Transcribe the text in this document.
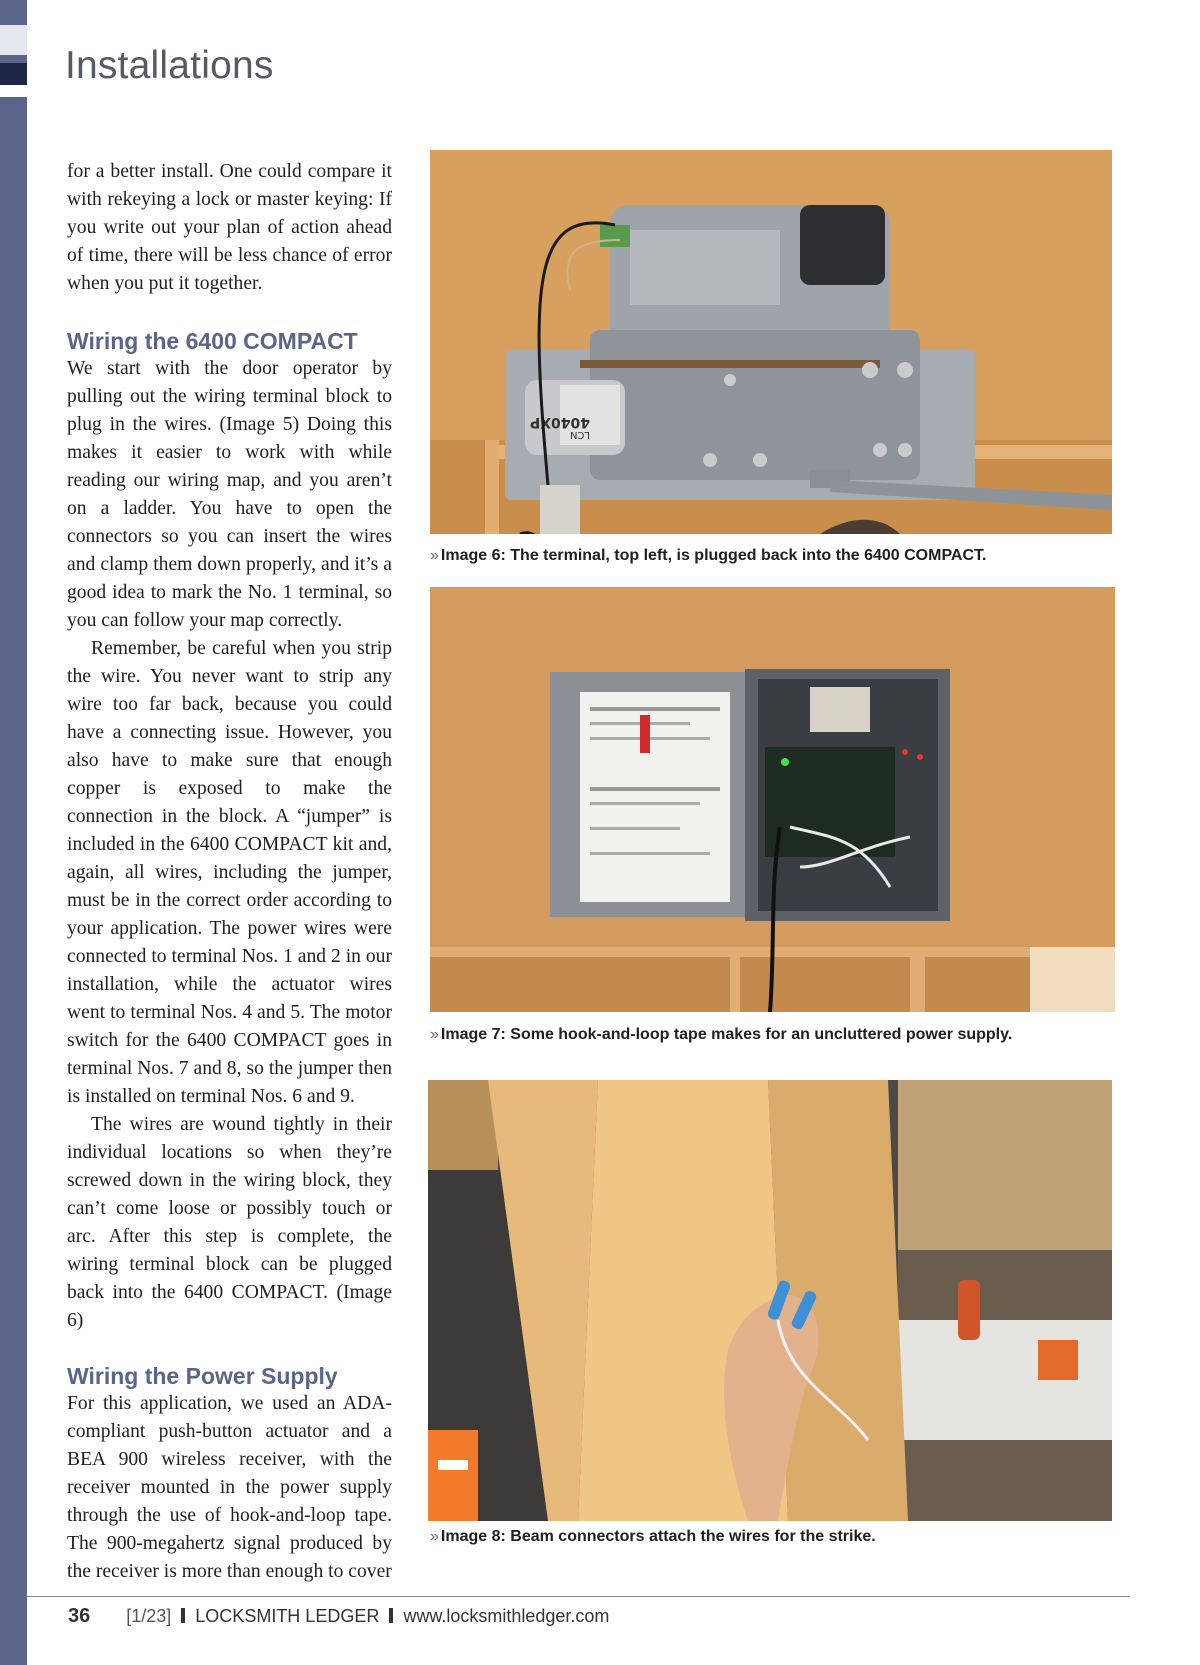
Installations

for a better install. One could compare it with rekeying a lock or master keying: If you write out your plan of action ahead of time, there will be less chance of error when you put it together.

Wiring the 6400 COMPACT

We start with the door operator by pulling out the wiring terminal block to plug in the wires. (Image 5) Doing this makes it easier to work with while reading our wiring map, and you aren’t on a ladder. You have to open the connectors so you can insert the wires and clamp them down properly, and it’s a good idea to mark the No. 1 terminal, so you can follow your map correctly.

Remember, be careful when you strip the wire. You never want to strip any wire too far back, because you could have a connecting issue. However, you also have to make sure that enough copper is exposed to make the connection in the block. A “jumper” is included in the 6400 COMPACT kit and, again, all wires, including the jumper, must be in the correct order according to your application. The power wires were connected to terminal Nos. 1 and 2 in our installation, while the actuator wires went to terminal Nos. 4 and 5. The motor switch for the 6400 COMPACT goes in terminal Nos. 7 and 8, so the jumper then is installed on terminal Nos. 6 and 9.

The wires are wound tightly in their individual locations so when they’re screwed down in the wiring block, they can’t come loose or possibly touch or arc. After this step is complete, the wiring terminal block can be plugged back into the 6400 COMPACT. (Image 6)

Wiring the Power Supply

For this application, we used an ADA-compliant push-button actuator and a BEA 900 wireless receiver, with the receiver mounted in the power supply through the use of hook-and-loop tape. The 900-megahertz signal produced by the receiver is more than enough to cover

4040XP
LCN

» Image 6: The terminal, top left, is plugged back into the 6400 COMPACT.

» Image 7: Some hook-and-loop tape makes for an uncluttered power supply.

» Image 8: Beam connectors attach the wires for the strike.

36 [1/23] LOCKSMITH LEDGER www.locksmithledger.com
